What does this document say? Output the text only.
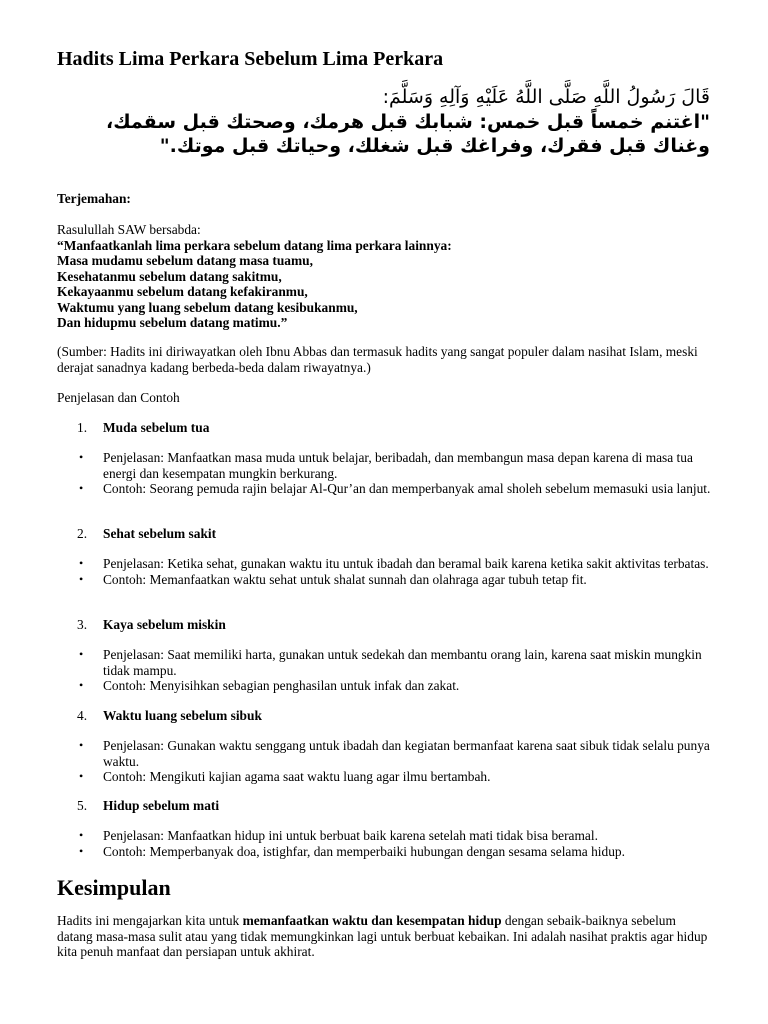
Hadits Lima Perkara Sebelum Lima Perkara
قَالَ رَسُولُ اللَّهِ صَلَّى اللَّهُ عَلَيْهِ وَآلِهِ وَسَلَّمَ:
"اغتنم خمساً قبل خمس: شبابك قبل هرمك، وصحتك قبل سقمك، وغناك قبل فقرك، وفراغك قبل شغلك، وحياتك قبل موتك."
Terjemahan:

Rasulullah SAW bersabda:

“Manfaatkanlah lima perkara sebelum datang lima perkara lainnya:

Masa mudamu sebelum datang masa tuamu,

Kesehatanmu sebelum datang sakitmu,

Kekayaanmu sebelum datang kefakiranmu,

Waktumu yang luang sebelum datang kesibukanmu,

Dan hidupmu sebelum datang matimu.”

(Sumber: Hadits ini diriwayatkan oleh Ibnu Abbas dan termasuk hadits yang sangat populer dalam nasihat Islam, meski derajat sanadnya kadang berbeda-beda dalam riwayatnya.)
Penjelasan dan Contoh
1. Muda sebelum tua
• Penjelasan: Manfaatkan masa muda untuk belajar, beribadah, dan membangun masa depan karena di masa tua energi dan kesempatan mungkin berkurang.
• Contoh: Seorang pemuda rajin belajar Al-Qur’an dan memperbanyak amal sholeh sebelum memasuki usia lanjut.
2. Sehat sebelum sakit
• Penjelasan: Ketika sehat, gunakan waktu itu untuk ibadah dan beramal baik karena ketika sakit aktivitas terbatas.
• Contoh: Memanfaatkan waktu sehat untuk shalat sunnah dan olahraga agar tubuh tetap fit.
3. Kaya sebelum miskin
• Penjelasan: Saat memiliki harta, gunakan untuk sedekah dan membantu orang lain, karena saat miskin mungkin tidak mampu.
• Contoh: Menyisihkan sebagian penghasilan untuk infak dan zakat.
4. Waktu luang sebelum sibuk
• Penjelasan: Gunakan waktu senggang untuk ibadah dan kegiatan bermanfaat karena saat sibuk tidak selalu punya waktu.
• Contoh: Mengikuti kajian agama saat waktu luang agar ilmu bertambah.
5. Hidup sebelum mati
• Penjelasan: Manfaatkan hidup ini untuk berbuat baik karena setelah mati tidak bisa beramal.
• Contoh: Memperbanyak doa, istighfar, dan memperbaiki hubungan dengan sesama selama hidup.
Kesimpulan
Hadits ini mengajarkan kita untuk memanfaatkan waktu dan kesempatan hidup dengan sebaik-baiknya sebelum datang masa-masa sulit atau yang tidak memungkinkan lagi untuk berbuat kebaikan. Ini adalah nasihat praktis agar hidup kita penuh manfaat dan persiapan untuk akhirat.
